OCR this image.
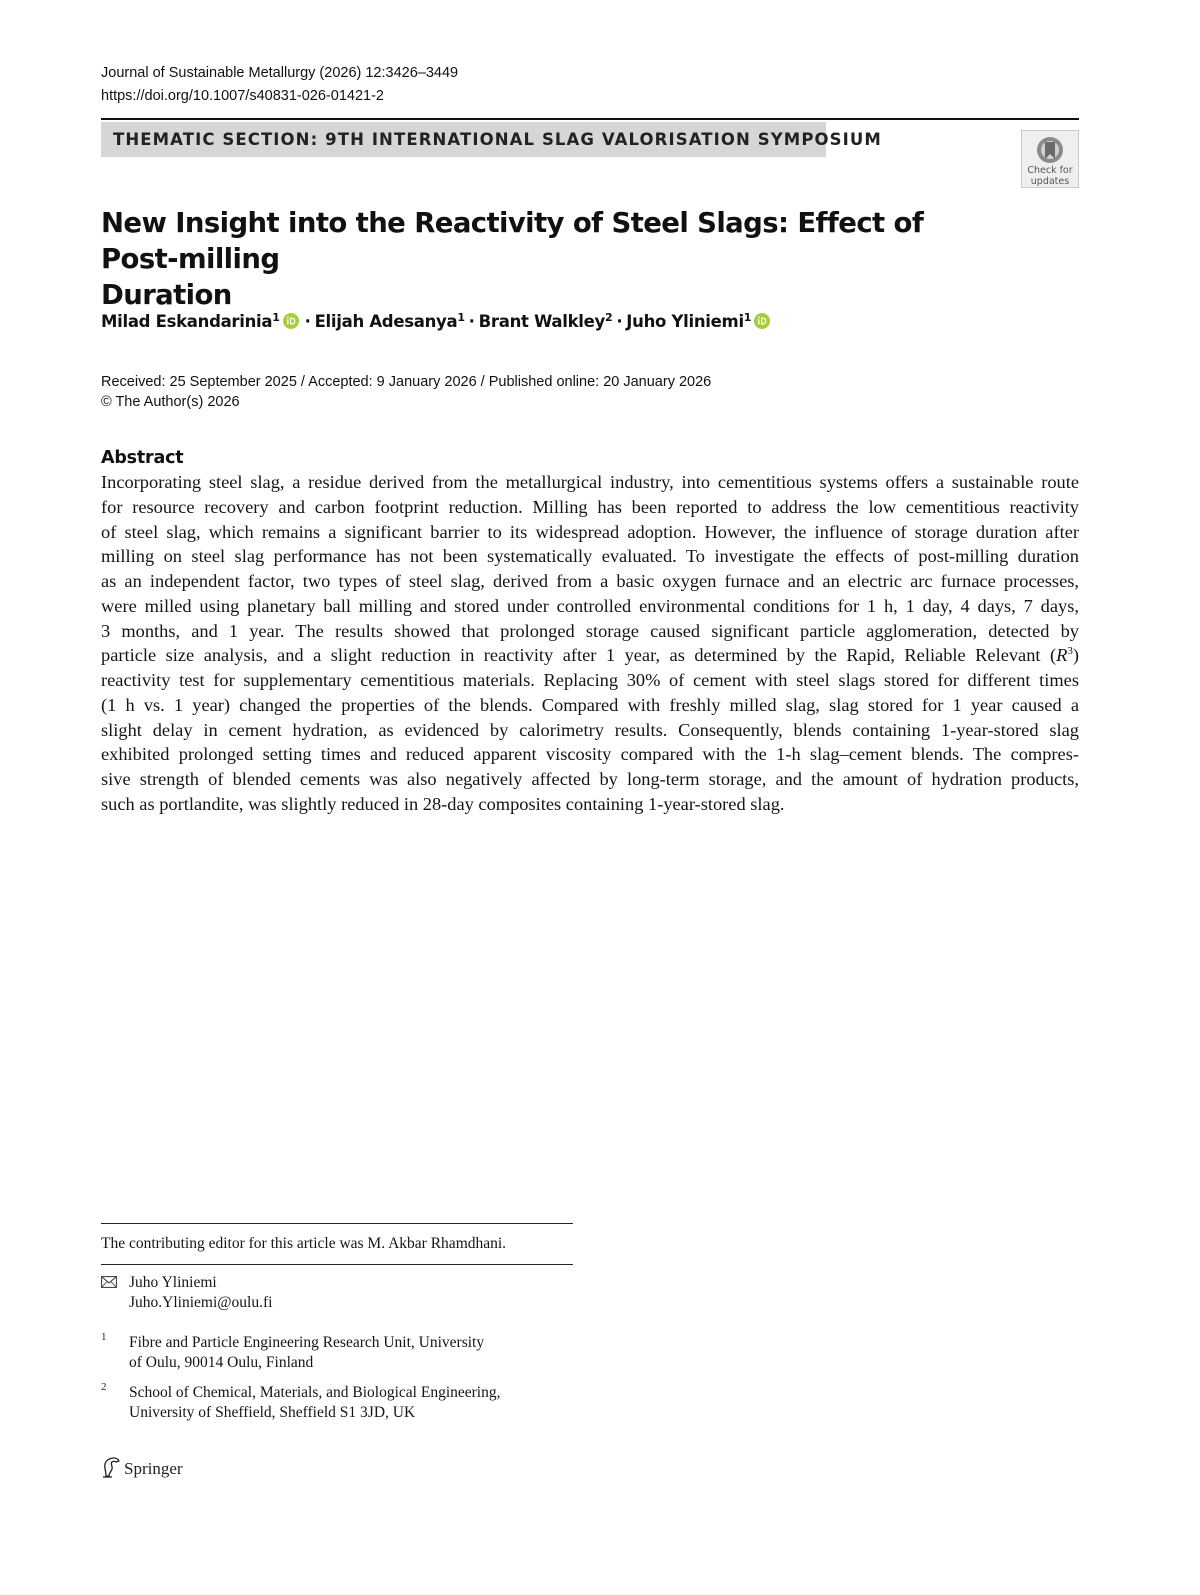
Journal of Sustainable Metallurgy (2026) 12:3426–3449
https://doi.org/10.1007/s40831-026-01421-2
THEMATIC SECTION: 9TH INTERNATIONAL SLAG VALORISATION SYMPOSIUM
Check for
updates
New Insight into the Reactivity of Steel Slags: Effect of Post-milling
Duration
Milad Eskandarinia$^1$ · Elijah Adesanya$^1$ · Brant Walkley$^2$ · Juho Yliniemi$^1$
Received: 25 September 2025 / Accepted: 9 January 2026 / Published online: 20 January 2026
© The Author(s) 2026
Abstract
Incorporating steel slag, a residue derived from the metallurgical industry, into cementitious systems offers a sustainable route
for resource recovery and carbon footprint reduction. Milling has been reported to address the low cementitious reactivity
of steel slag, which remains a significant barrier to its widespread adoption. However, the influence of storage duration after
milling on steel slag performance has not been systematically evaluated. To investigate the effects of post-milling duration
as an independent factor, two types of steel slag, derived from a basic oxygen furnace and an electric arc furnace processes,
were milled using planetary ball milling and stored under controlled environmental conditions for 1 h, 1 day, 4 days, 7 days,
3 months, and 1 year. The results showed that prolonged storage caused significant particle agglomeration, detected by
particle size analysis, and a slight reduction in reactivity after 1 year, as determined by the Rapid, Reliable Relevant $(R^3)$
reactivity test for supplementary cementitious materials. Replacing 30% of cement with steel slags stored for different times
(1 h vs. 1 year) changed the properties of the blends. Compared with freshly milled slag, slag stored for 1 year caused a
slight delay in cement hydration, as evidenced by calorimetry results. Consequently, blends containing 1-year-stored slag
exhibited prolonged setting times and reduced apparent viscosity compared with the 1-h slag–cement blends. The compres-
sive strength of blended cements was also negatively affected by long-term storage, and the amount of hydration products,
such as portlandite, was slightly reduced in 28-day composites containing 1-year-stored slag.
The contributing editor for this article was M. Akbar Rhamdhani.
Juho Yliniemi
Juho.Yliniemi@oulu.fi
1 Fibre and Particle Engineering Research Unit, University
of Oulu, 90014 Oulu, Finland
2 School of Chemical, Materials, and Biological Engineering,
University of Sheffield, Sheffield S1 3JD, UK
Springer
